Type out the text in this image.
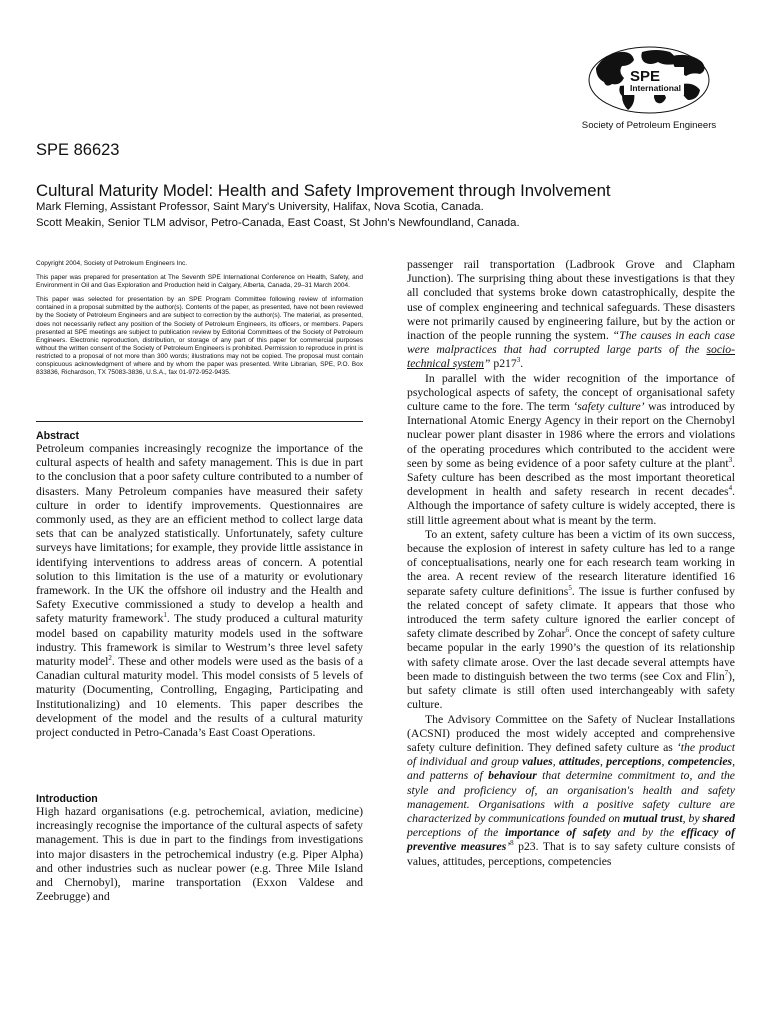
SPE
International
Society of Petroleum Engineers
SPE 86623
Cultural Maturity Model: Health and Safety Improvement through Involvement
Mark Fleming, Assistant Professor, Saint Mary's University, Halifax, Nova Scotia, Canada.
Scott Meakin, Senior TLM advisor, Petro-Canada, East Coast, St John's Newfoundland, Canada.

Copyright 2004, Society of Petroleum Engineers Inc.

This paper was prepared for presentation at The Seventh SPE International Conference on Health, Safety, and Environment in Oil and Gas Exploration and Production held in Calgary, Alberta, Canada, 29–31 March 2004.

This paper was selected for presentation by an SPE Program Committee following review of information contained in a proposal submitted by the author(s). Contents of the paper, as presented, have not been reviewed by the Society of Petroleum Engineers and are subject to correction by the author(s). The material, as presented, does not necessarily reflect any position of the Society of Petroleum Engineers, its officers, or members. Papers presented at SPE meetings are subject to publication review by Editorial Committees of the Society of Petroleum Engineers. Electronic reproduction, distribution, or storage of any part of this paper for commercial purposes without the written consent of the Society of Petroleum Engineers is prohibited. Permission to reproduce in print is restricted to a proposal of not more than 300 words; illustrations may not be copied. The proposal must contain conspicuous acknowledgment of where and by whom the paper was presented. Write Librarian, SPE, P.O. Box 833836, Richardson, TX 75083-3836, U.S.A., fax 01-972-952-9435.

Abstract

Petroleum companies increasingly recognize the importance of the cultural aspects of health and safety management. This is due in part to the conclusion that a poor safety culture contributed to a number of disasters. Many Petroleum companies have measured their safety culture in order to identify improvements. Questionnaires are commonly used, as they are an efficient method to collect large data sets that can be analyzed statistically. Unfortunately, safety culture surveys have limitations; for example, they provide little assistance in identifying interventions to address areas of concern. A potential solution to this limitation is the use of a maturity or evolutionary framework. In the UK the offshore oil industry and the Health and Safety Executive commissioned a study to develop a health and safety maturity framework$^1$. The study produced a cultural maturity model based on capability maturity models used in the software industry. This framework is similar to Westrum’s three level safety maturity model$^2$. These and other models were used as the basis of a Canadian cultural maturity model. This model consists of 5 levels of maturity (Documenting, Controlling, Engaging, Participating and Institutionalizing) and 10 elements. This paper describes the development of the model and the results of a cultural maturity project conducted in Petro-Canada’s East Coast Operations.

Introduction

High hazard organisations (e.g. petrochemical, aviation, medicine) increasingly recognise the importance of the cultural aspects of safety management. This is due in part to the findings from investigations into major disasters in the petrochemical industry (e.g. Piper Alpha) and other industries such as nuclear power (e.g. Three Mile Island and Chernobyl), marine transportation (Exxon Valdese and Zeebrugge) and

passenger rail transportation (Ladbrook Grove and Clapham Junction). The surprising thing about these investigations is that they all concluded that systems broke down catastrophically, despite the use of complex engineering and technical safeguards. These disasters were not primarily caused by engineering failure, but by the action or inaction of the people running the system. “The causes in each case were malpractices that had corrupted large parts of the socio-technical system” $p217^3$.

In parallel with the wider recognition of the importance of psychological aspects of safety, the concept of organisational safety culture came to the fore. The term ‘safety culture’ was introduced by International Atomic Energy Agency in their report on the Chernobyl nuclear power plant disaster in 1986 where the errors and violations of the operating procedures which contributed to the accident were seen by some as being evidence of a poor safety culture at the plant$^3$. Safety culture has been described as the most important theoretical development in health and safety research in recent decades$^4$. Although the importance of safety culture is widely accepted, there is still little agreement about what is meant by the term.

To an extent, safety culture has been a victim of its own success, because the explosion of interest in safety culture has led to a range of conceptualisations, nearly one for each research team working in the area. A recent review of the research literature identified 16 separate safety culture definitions$^5$. The issue is further confused by the related concept of safety climate. It appears that those who introduced the term safety culture ignored the earlier concept of safety climate described by Zohar$^6$. Once the concept of safety culture became popular in the early 1990’s the question of its relationship with safety climate arose. Over the last decade several attempts have been made to distinguish between the two terms (see Cox and Flin$^7$), but safety climate is still often used interchangeably with safety culture.

The Advisory Committee on the Safety of Nuclear Installations (ACSNI) produced the most widely accepted and comprehensive safety culture definition. They defined safety culture as ‘the product of individual and group values, attitudes, perceptions, competencies, and patterns of behaviour that determine commitment to, and the style and proficiency of, an organisation's health and safety management. Organisations with a positive safety culture are characterized by communications founded on mutual trust, by shared perceptions of the importance of safety and by the efficacy of preventive measures’$^8$ p23. That is to say safety culture consists of values, attitudes, perceptions, competencies
